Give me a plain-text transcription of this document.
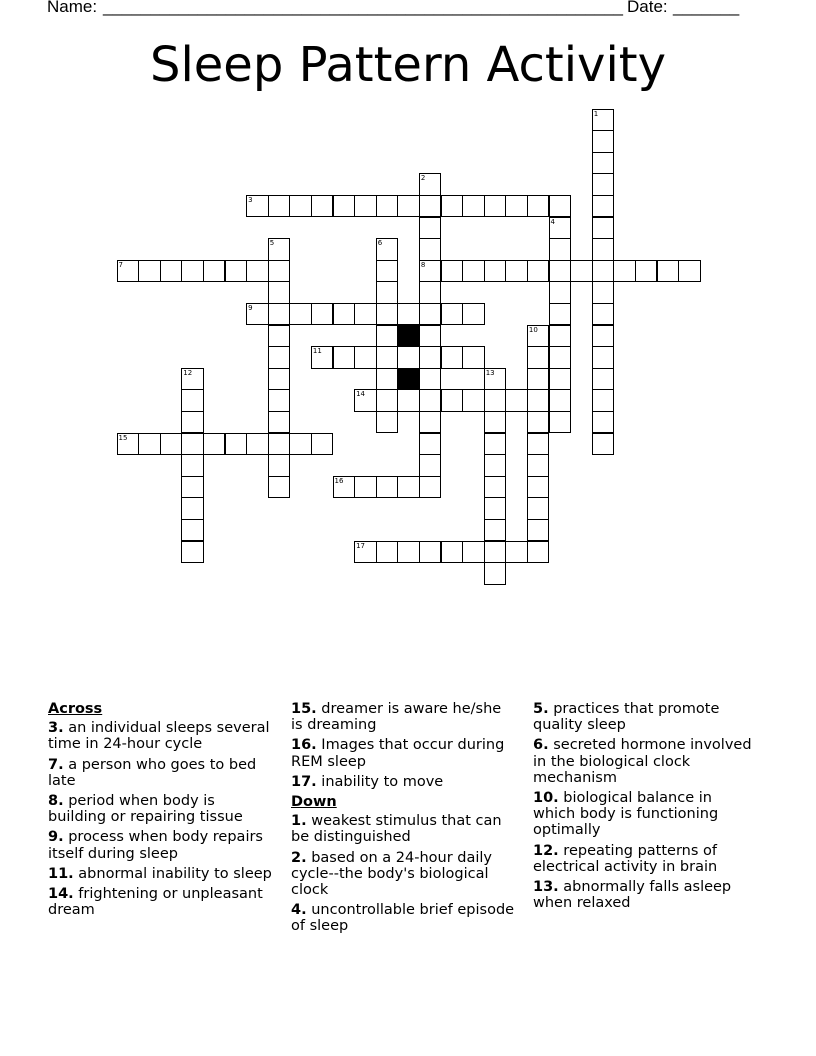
Name: _______________________________________________________ Date: _______
Sleep Pattern Activity
1
2
3
4
5	6
7	8
9
10
11
12	13
14
15
16
17
Across
3. an individual sleeps several time in 24-hour cycle
7. a person who goes to bed late
8. period when body is building or repairing tissue
9. process when body repairs itself during sleep
11. abnormal inability to sleep
14. frightening or unpleasant dream
15. dreamer is aware he/she is dreaming
16. Images that occur during REM sleep
17. inability to move
Down
1. weakest stimulus that can be distinguished
2. based on a 24-hour daily cycle--the body's biological clock
4. uncontrollable brief episode of sleep
5. practices that promote quality sleep
6. secreted hormone involved in the biological clock mechanism
10. biological balance in which body is functioning optimally
12. repeating patterns of electrical activity in brain
13. abnormally falls asleep when relaxed
